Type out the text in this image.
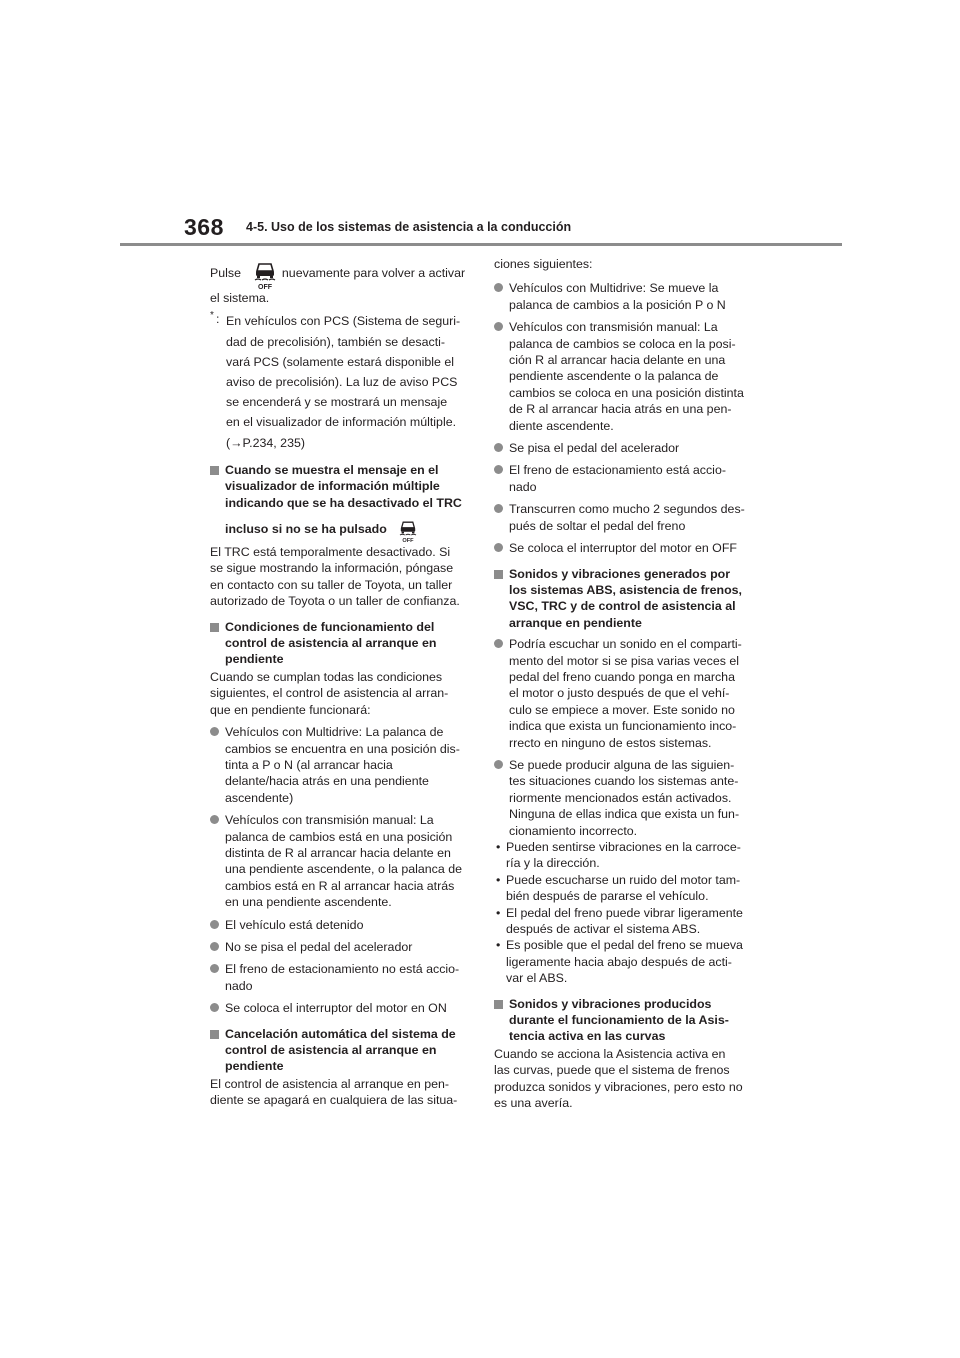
368 4-5. Uso de los sistemas de asistencia a la conducción
Pulse
OFF
nuevamente para volver a activar

el sistema.

* : En vehículos con PCS (Sistema de seguri-
dad de precolisión), también se desacti-
vará PCS (solamente estará disponible el
aviso de precolisión). La luz de aviso PCS
se encenderá y se mostrará un mensaje
en el visualizador de información múltiple.
(→P.234, 235)
Cuando se muestra el mensaje en el
visualizador de información múltiple
indicando que se ha desactivado el TRC
incluso si no se ha pulsado
OFF
El TRC está temporalmente desactivado. Si
se sigue mostrando la información, póngase
en contacto con su taller de Toyota, un taller
autorizado de Toyota o un taller de confianza.
Condiciones de funcionamiento del
control de asistencia al arranque en
pendiente
Cuando se cumplan todas las condiciones
siguientes, el control de asistencia al arran-
que en pendiente funcionará:
Vehículos con Multidrive: La palanca de
cambios se encuentra en una posición dis-
tinta a P o N (al arrancar hacia
delante/hacia atrás en una pendiente
ascendente)
Vehículos con transmisión manual: La
palanca de cambios está en una posición
distinta de R al arrancar hacia delante en
una pendiente ascendente, o la palanca de
cambios está en R al arrancar hacia atrás
en una pendiente ascendente.
El vehículo está detenido
No se pisa el pedal del acelerador
El freno de estacionamiento no está accio-
nado
Se coloca el interruptor del motor en ON
Cancelación automática del sistema de
control de asistencia al arranque en
pendiente
El control de asistencia al arranque en pen-
diente se apagará en cualquiera de las situa-

ciones siguientes:

Vehículos con Multidrive: Se mueve la
palanca de cambios a la posición P o N
Vehículos con transmisión manual: La
palanca de cambios se coloca en la posi-
ción R al arrancar hacia delante en una
pendiente ascendente o la palanca de
cambios se coloca en una posición distinta
de R al arrancar hacia atrás en una pen-
diente ascendente.
Se pisa el pedal del acelerador
El freno de estacionamiento está accio-
nado
Transcurren como mucho 2 segundos des-
pués de soltar el pedal del freno
Se coloca el interruptor del motor en OFF
Sonidos y vibraciones generados por
los sistemas ABS, asistencia de frenos,
VSC, TRC y de control de asistencia al
arranque en pendiente
Podría escuchar un sonido en el comparti-
mento del motor si se pisa varias veces el
pedal del freno cuando ponga en marcha
el motor o justo después de que el vehí-
culo se empiece a mover. Este sonido no
indica que exista un funcionamiento inco-
rrecto en ninguno de estos sistemas.
Se puede producir alguna de las siguien-
tes situaciones cuando los sistemas ante-
riormente mencionados están activados.
Ninguna de ellas indica que exista un fun-
cionamiento incorrecto.
• Pueden sentirse vibraciones en la carroce-
ría y la dirección.
• Puede escucharse un ruido del motor tam-
bién después de pararse el vehículo.
• El pedal del freno puede vibrar ligeramente
después de activar el sistema ABS.
• Es posible que el pedal del freno se mueva
ligeramente hacia abajo después de acti-
var el ABS.
Sonidos y vibraciones producidos
durante el funcionamiento de la Asis-
tencia activa en las curvas
Cuando se acciona la Asistencia activa en
las curvas, puede que el sistema de frenos
produzca sonidos y vibraciones, pero esto no
es una avería.
